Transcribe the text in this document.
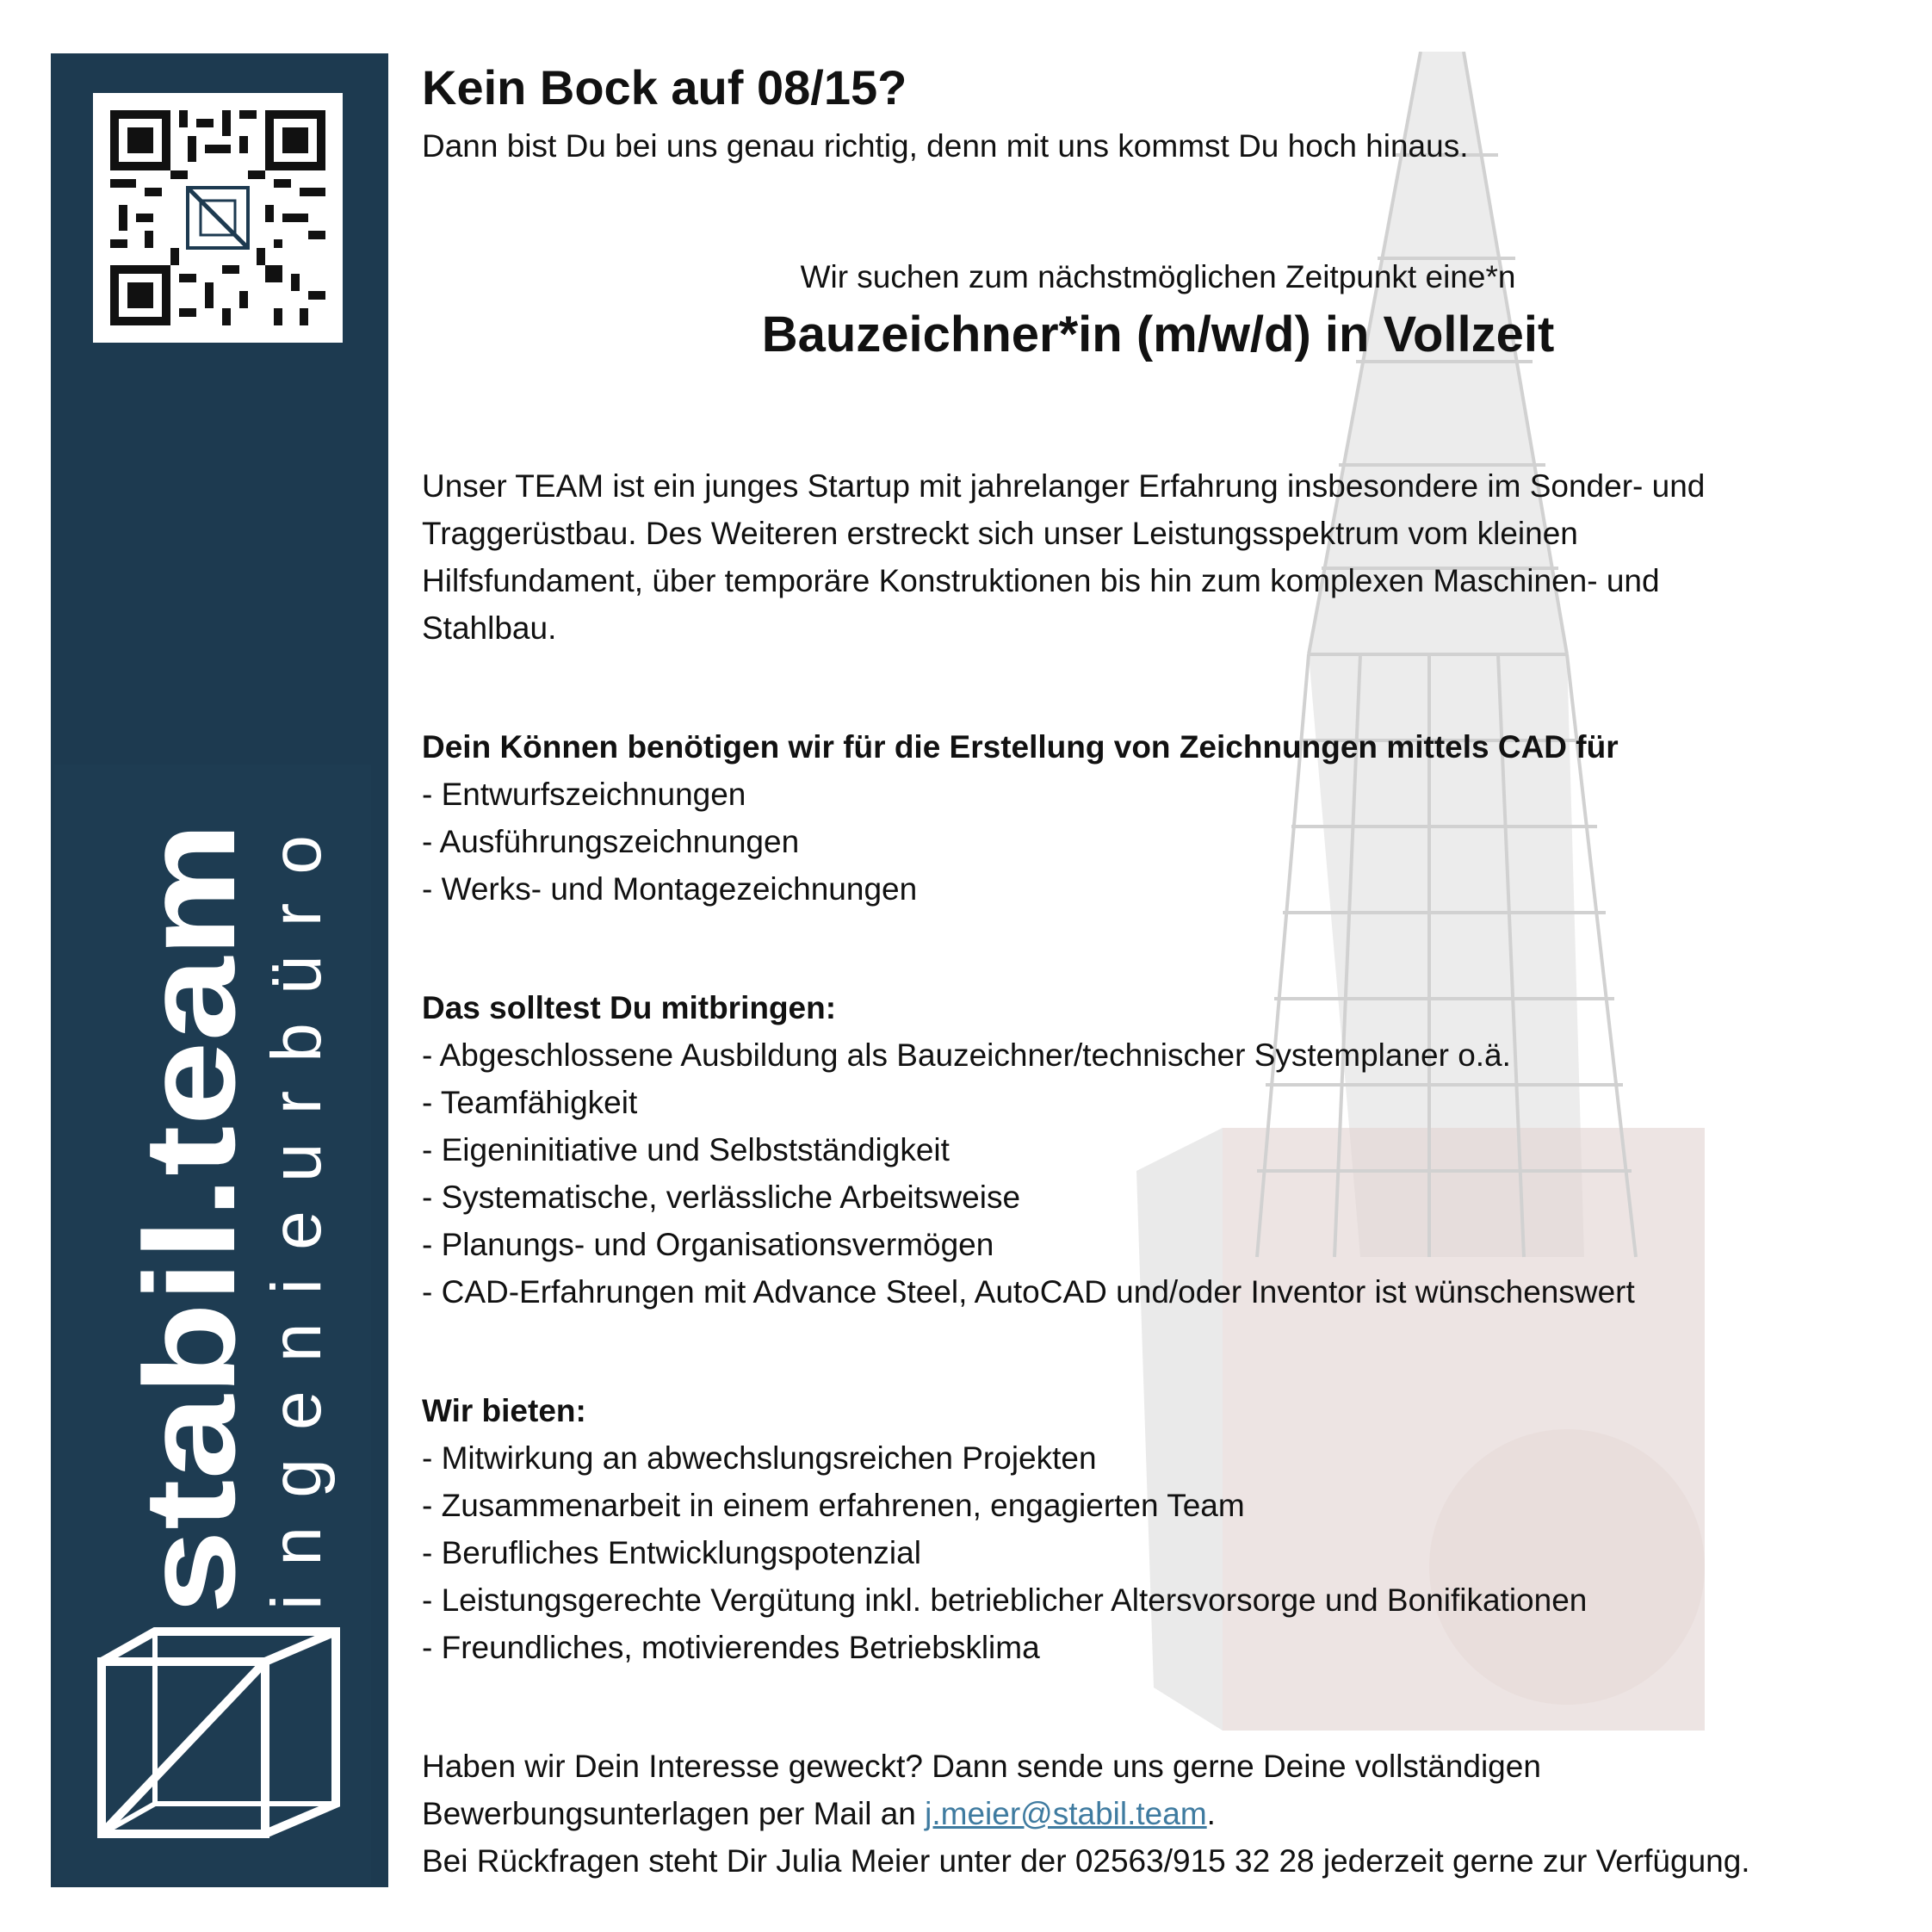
stabil.team
ingenieurbüro
Kein Bock auf 08/15?

Dann bist Du bei uns genau richtig, denn mit uns kommst Du hoch hinaus.

Wir suchen zum nächstmöglichen Zeitpunkt eine*n

Bauzeichner*in (m/w/d) in Vollzeit

Unser TEAM ist ein junges Startup mit jahrelanger Erfahrung insbesondere im Sonder- und

Traggerüstbau. Des Weiteren erstreckt sich unser Leistungsspektrum vom kleinen

Hilfsfundament, über temporäre Konstruktionen bis hin zum komplexen Maschinen- und

Stahlbau.

Dein Können benötigen wir für die Erstellung von Zeichnungen mittels CAD für

- Entwurfszeichnungen
- Ausführungszeichnungen
- Werks- und Montagezeichnungen

Das solltest Du mitbringen:

- Abgeschlossene Ausbildung als Bauzeichner/technischer Systemplaner o.ä.
- Teamfähigkeit
- Eigeninitiative und Selbstständigkeit
- Systematische, verlässliche Arbeitsweise
- Planungs- und Organisationsvermögen
- CAD-Erfahrungen mit Advance Steel, AutoCAD und/oder Inventor ist wünschenswert

Wir bieten:

- Mitwirkung an abwechslungsreichen Projekten
- Zusammenarbeit in einem erfahrenen, engagierten Team
- Berufliches Entwicklungspotenzial
- Leistungsgerechte Vergütung inkl. betrieblicher Altersvorsorge und Bonifikationen
- Freundliches, motivierendes Betriebsklima

Haben wir Dein Interesse geweckt? Dann sende uns gerne Deine vollständigen

Bewerbungsunterlagen per Mail an j.meier@stabil.team.

Bei Rückfragen steht Dir Julia Meier unter der 02563/915 32 28 jederzeit gerne zur Verfügung.
